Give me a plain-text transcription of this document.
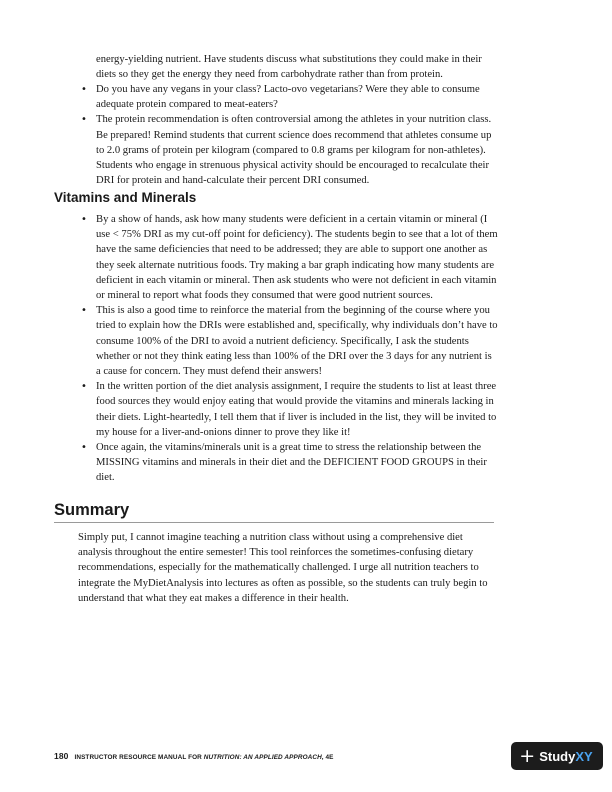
energy-yielding nutrient. Have students discuss what substitutions they could make in their diets so they get the energy they need from carbohydrate rather than from protein.

• Do you have any vegans in your class? Lacto-ovo vegetarians? Were they able to consume adequate protein compared to meat-eaters?
• The protein recommendation is often controversial among the athletes in your nutrition class. Be prepared! Remind students that current science does recommend that athletes consume up to 2.0 grams of protein per kilogram (compared to 0.8 grams per kilogram for non-athletes). Students who engage in strenuous physical activity should be encouraged to recalculate their DRI for protein and hand-calculate their percent DRI consumed.
Vitamins and Minerals
• By a show of hands, ask how many students were deficient in a certain vitamin or mineral (I use < 75% DRI as my cut-off point for deficiency). The students begin to see that a lot of them have the same deficiencies that need to be addressed; they are able to support one another as they seek alternate nutritious foods. Try making a bar graph indicating how many students are deficient in each vitamin or mineral. Then ask students who were not deficient in each vitamin or mineral to report what foods they consumed that were good nutrient sources.
• This is also a good time to reinforce the material from the beginning of the course where you tried to explain how the DRIs were established and, specifically, why individuals don’t have to consume 100% of the DRI to avoid a nutrient deficiency. Specifically, I ask the students whether or not they think eating less than 100% of the DRI over the 3 days for any nutrient is a cause for concern. They must defend their answers!
• In the written portion of the diet analysis assignment, I require the students to list at least three food sources they would enjoy eating that would provide the vitamins and minerals lacking in their diets. Light-heartedly, I tell them that if liver is included in the list, they will be invited to my house for a liver-and-onions dinner to prove they like it!
• Once again, the vitamins/minerals unit is a great time to stress the relationship between the MISSING vitamins and minerals in their diet and the DEFICIENT FOOD GROUPS in their diet.
Summary

Simply put, I cannot imagine teaching a nutrition class without using a comprehensive diet analysis throughout the entire semester! This tool reinforces the sometimes-confusing dietary recommendations, especially for the mathematically challenged. I urge all nutrition teachers to integrate the MyDietAnalysis into lectures as often as possible, so the students can truly begin to understand that what they eat makes a difference in their health.

180 INSTRUCTOR RESOURCE MANUAL FOR NUTRITION: AN APPLIED APPROACH, 4E	+ Study XY
